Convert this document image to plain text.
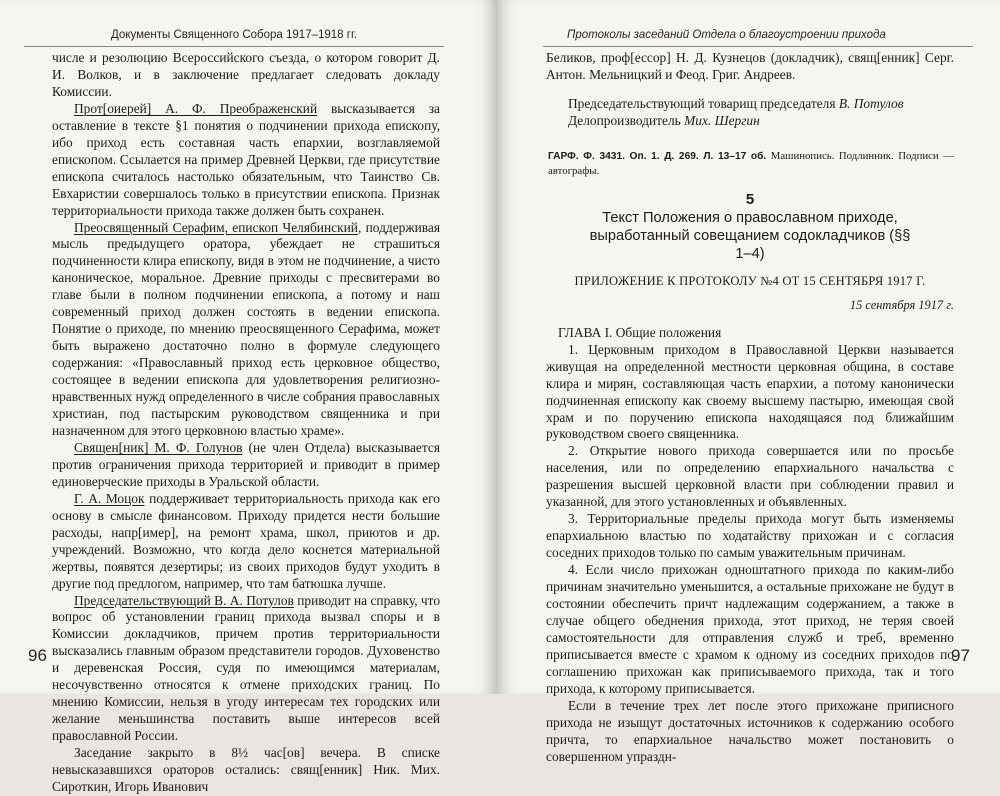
Документы Священного Собора 1917–1918 гг.

числе и резолюцию Всероссийского съезда, о котором говорит Д. И. Волков, и в заключение предлагает следовать докладу Комиссии.

Прот[оиерей] А. Ф. Преображенский высказывается за оставление в тексте §1 понятия о подчинении прихода епископу, ибо приход есть составная часть епархии, возглавляемой епископом. Ссылается на пример Древней Церкви, где присутствие епископа считалось настолько обязательным, что Таинство Св. Евхаристии совершалось только в присутствии епископа. Признак территориальности прихода также должен быть сохранен.

Преосвященный Серафим, епископ Челябинский, поддерживая мысль предыдущего оратора, убеждает не страшиться подчиненности клира епископу, видя в этом не подчинение, а чисто каноническое, моральное. Древние приходы с пресвитерами во главе были в полном подчинении епископа, а потому и наш современный приход должен состоять в ведении епископа. Понятие о приходе, по мнению преосвященного Серафима, может быть выражено достаточно полно в формуле следующего содержания: «Православный приход есть церковное общество, состоящее в ведении епископа для удовлетворения религиозно-нравственных нужд определенного в числе собрания православных христиан, под пастырским руководством священника и при назначенном для этого церковною властью храме».

Священ[ник] М. Ф. Голунов (не член Отдела) высказывается против ограничения прихода территорией и приводит в пример единоверческие приходы в Уральской области.

Г. А. Моцок поддерживает территориальность прихода как его основу в смысле финансовом. Приходу придется нести большие расходы, напр[имер], на ремонт храма, школ, приютов и др. учреждений. Возможно, что когда дело коснется материальной жертвы, появятся дезертиры; из своих приходов будут уходить в другие под предлогом, например, что там батюшка лучше.

Председательствующий В. А. Потулов приводит на справку, что вопрос об установлении границ прихода вызвал споры и в Комиссии докладчиков, причем против территориальности высказались главным образом представители городов. Духовенство и деревенская Россия, судя по имеющимся материалам, несочувственно относятся к отмене приходских границ. По мнению Комиссии, нельзя в угоду интересам тех городских или желание меньшинства поставить выше интересов всей православной России.

Заседание закрыто в 8½ час[ов] вечера. В списке невысказавшихся ораторов остались: свящ[енник] Ник. Мих. Сироткин, Игорь Иванович

96
Протоколы заседаний Отдела о благоустроении прихода

Беликов, проф[ессор] Н. Д. Кузнецов (докладчик), свящ[енник] Серг. Антон. Мельницкий и Феод. Григ. Андреев.

Председательствующий товарищ председателя В. Потулов
Делопроизводитель Мих. Шергин
ГАРФ. Ф. 3431. Оп. 1. Д. 269. Л. 13–17 об. Машинопись. Подлинник. Подписи — автографы.
5
Текст Положения о православном приходе, выработанный совещанием содокладчиков (§§ 1–4)
ПРИЛОЖЕНИЕ К ПРОТОКОЛУ №4 ОТ 15 СЕНТЯБРЯ 1917 Г.
15 сентября 1917 г.

ГЛАВА I. Общие положения

1. Церковным приходом в Православной Церкви называется живущая на определенной местности церковная община, в составе клира и мирян, составляющая часть епархии, а потому канонически подчиненная епископу как своему высшему пастырю, имеющая свой храм и по поручению епископа находящаяся под ближайшим руководством своего священника.

2. Открытие нового прихода совершается или по просьбе населения, или по определению епархиального начальства с разрешения высшей церковной власти при соблюдении правил и указанной, для этого установленных и объявленных.

3. Территориальные пределы прихода могут быть изменяемы епархиальною властью по ходатайству прихожан и с согласия соседних приходов только по самым уважительным причинам.

4. Если число прихожан одноштатного прихода по каким-либо причинам значительно уменьшится, а остальные прихожане не будут в состоянии обеспечить причт надлежащим содержанием, а также в случае общего обеднения прихода, этот приход, не теряя своей самостоятельности для отправления служб и треб, временно приписывается вместе с храмом к одному из соседних приходов по соглашению прихожан как приписываемого прихода, так и того прихода, к которому приписывается.

Если в течение трех лет после этого прихожане приписного прихода не изыщут достаточных источников к содержанию особого причта, то епархиальное начальство может постановить о совершенном упраздн-

97
